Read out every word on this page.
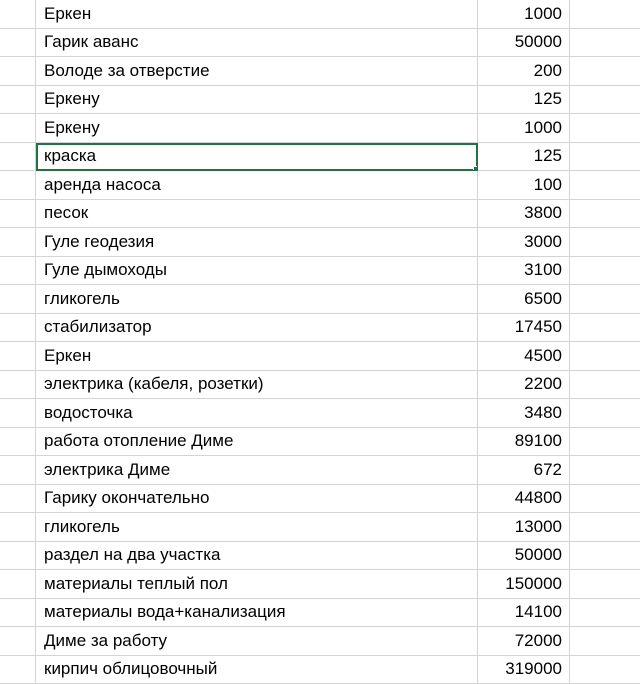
Еркен	1000
Гарик аванс	50000
Володе за отверстие	200
Еркену	125
Еркену	1000
краска	125
аренда насоса	100
песок	3800
Гуле геодезия	3000
Гуле дымоходы	3100
гликогель	6500
стабилизатор	17450
Еркен	4500
электрика (кабеля, розетки)	2200
водосточка	3480
работа отопление Диме	89100
электрика Диме	672
Гарику окончательно	44800
гликогель	13000
раздел на два участка	50000
материалы теплый пол	150000
материалы вода+канализация	14100
Диме за работу	72000
кирпич облицовочный	319000
